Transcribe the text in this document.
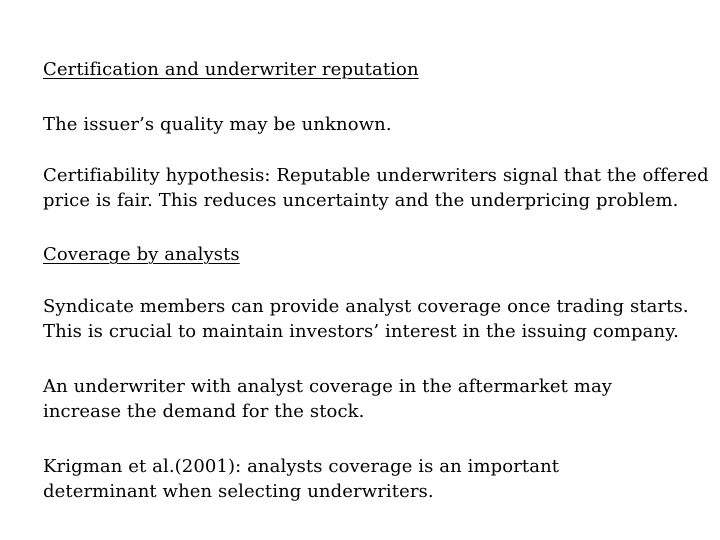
Certification and underwriter reputation
The issuer’s quality may be unknown.
Certifiability hypothesis: Reputable underwriters signal that the offered
price is fair. This reduces uncertainty and the underpricing problem.
Coverage by analysts
Syndicate members can provide analyst coverage once trading starts.
This is crucial to maintain investors’ interest in the issuing company.
An underwriter with analyst coverage in the aftermarket may
increase the demand for the stock.
Krigman et al.(2001): analysts coverage is an important
determinant when selecting underwriters.
